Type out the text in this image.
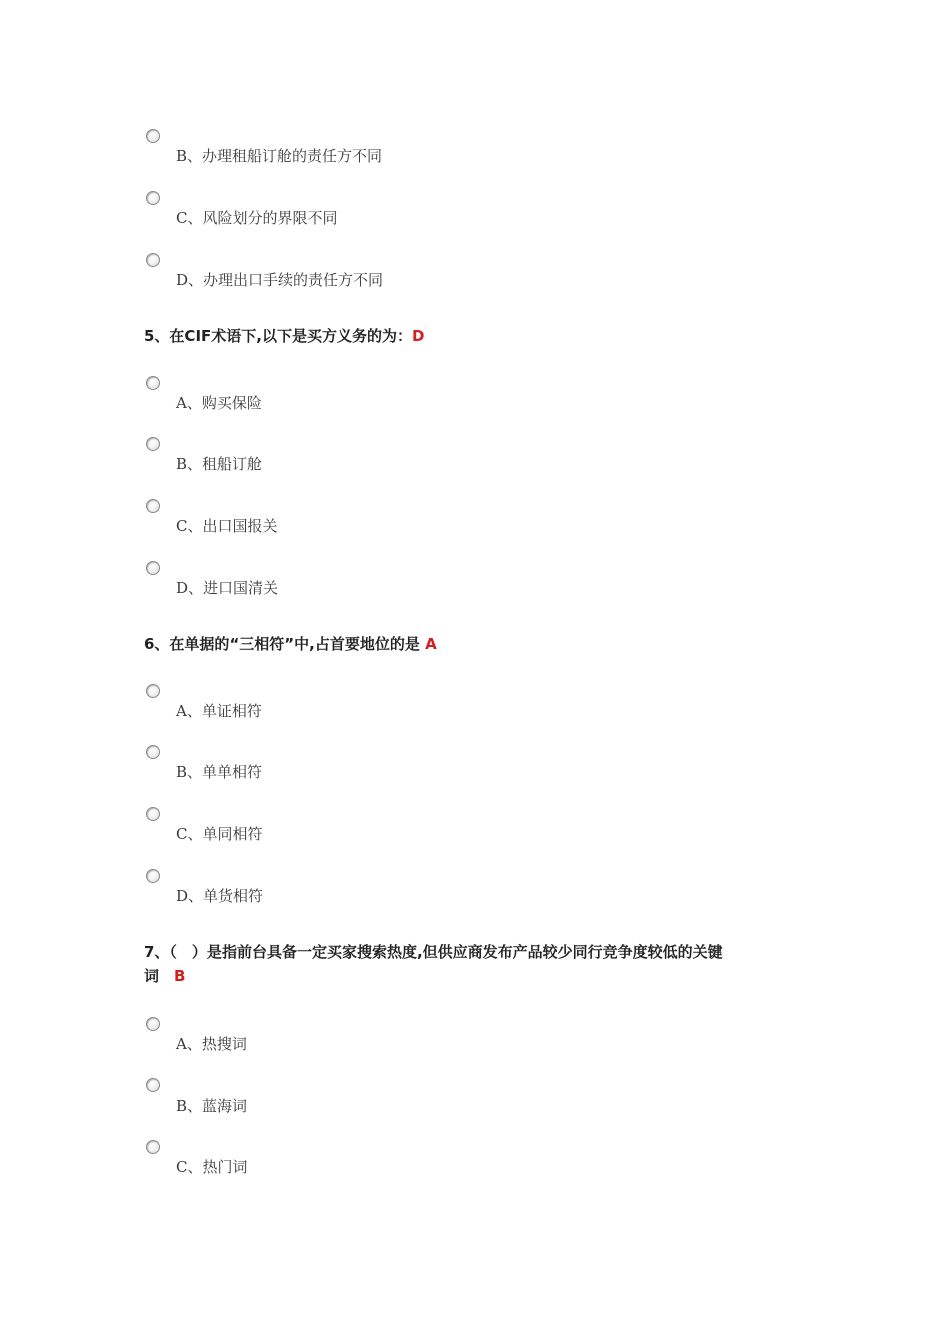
B、办理租船订舱的责任方不同
C、风险划分的界限不同
D、办理出口手续的责任方不同
5、在CIF术语下,以下是买方义务的为：D
A、购买保险
B、租船订舱
C、出口国报关
D、进口国清关
6、在单据的“三相符”中,占首要地位的是 A
A、单证相符
B、单单相符
C、单同相符
D、单货相符
7、（　）是指前台具备一定买家搜索热度,但供应商发布产品较少同行竞争度较低的关键
词　B
A、热搜词
B、蓝海词
C、热门词
